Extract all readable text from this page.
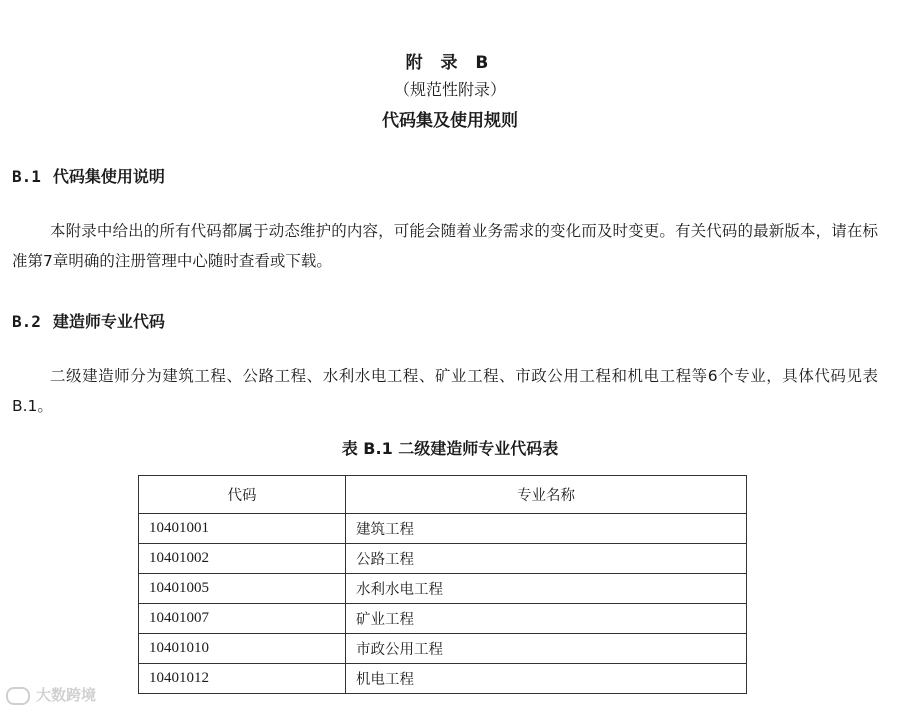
附 录 B
（规范性附录）
代码集及使用规则
B.1 代码集使用说明
本附录中给出的所有代码都属于动态维护的内容，可能会随着业务需求的变化而及时变更。有关代码的最新版本，请在标准第7章明确的注册管理中心随时查看或下载。
B.2 建造师专业代码
二级建造师分为建筑工程、公路工程、水利水电工程、矿业工程、市政公用工程和机电工程等6个专业，具体代码见表B.1。
表 B.1 二级建造师专业代码表
代码	专业名称
10401001	建筑工程
10401002	公路工程
10401005	水利水电工程
10401007	矿业工程
10401010	市政公用工程
10401012	机电工程
大数跨境
